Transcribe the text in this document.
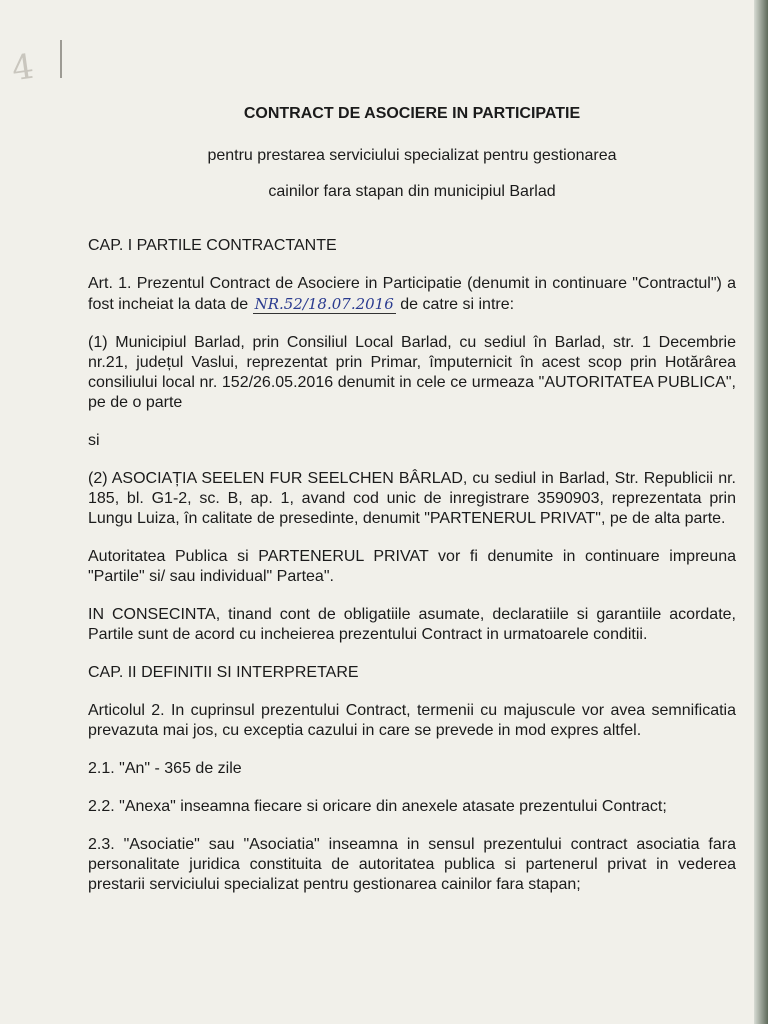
4
CONTRACT DE ASOCIERE IN PARTICIPATIE
pentru prestarea serviciului specializat pentru gestionarea
cainilor fara stapan din municipiul Barlad
CAP. I PARTILE CONTRACTANTE

Art. 1. Prezentul Contract de Asociere in Participatie (denumit in continuare "Contractul") a fost incheiat la data de NR.52/18.07.2016 de catre si intre:

(1) Municipiul Barlad, prin Consiliul Local Barlad, cu sediul în Barlad, str. 1 Decembrie nr.21, județul Vaslui, reprezentat prin Primar, împuternicit în acest scop prin Hotărârea consiliului local nr. 152/26.05.2016 denumit in cele ce urmeaza "AUTORITATEA PUBLICA", pe de o parte

si

(2) ASOCIAȚIA SEELEN FUR SEELCHEN BÂRLAD, cu sediul in Barlad, Str. Republicii nr. 185, bl. G1-2, sc. B, ap. 1, avand cod unic de inregistrare 3590903, reprezentata prin Lungu Luiza, în calitate de presedinte, denumit "PARTENERUL PRIVAT", pe de alta parte.

Autoritatea Publica si PARTENERUL PRIVAT vor fi denumite in continuare impreuna "Partile" si/ sau individual" Partea".

IN CONSECINTA, tinand cont de obligatiile asumate, declaratiile si garantiile acordate, Partile sunt de acord cu incheierea prezentului Contract in urmatoarele conditii.

CAP. II DEFINITII SI INTERPRETARE

Articolul 2. In cuprinsul prezentului Contract, termenii cu majuscule vor avea semnificatia prevazuta mai jos, cu exceptia cazului in care se prevede in mod expres altfel.

2.1. "An" - 365 de zile

2.2. "Anexa" inseamna fiecare si oricare din anexele atasate prezentului Contract;

2.3. "Asociatie" sau "Asociatia" inseamna in sensul prezentului contract asociatia fara personalitate juridica constituita de autoritatea publica si partenerul privat in vederea prestarii serviciului specializat pentru gestionarea cainilor fara stapan;
